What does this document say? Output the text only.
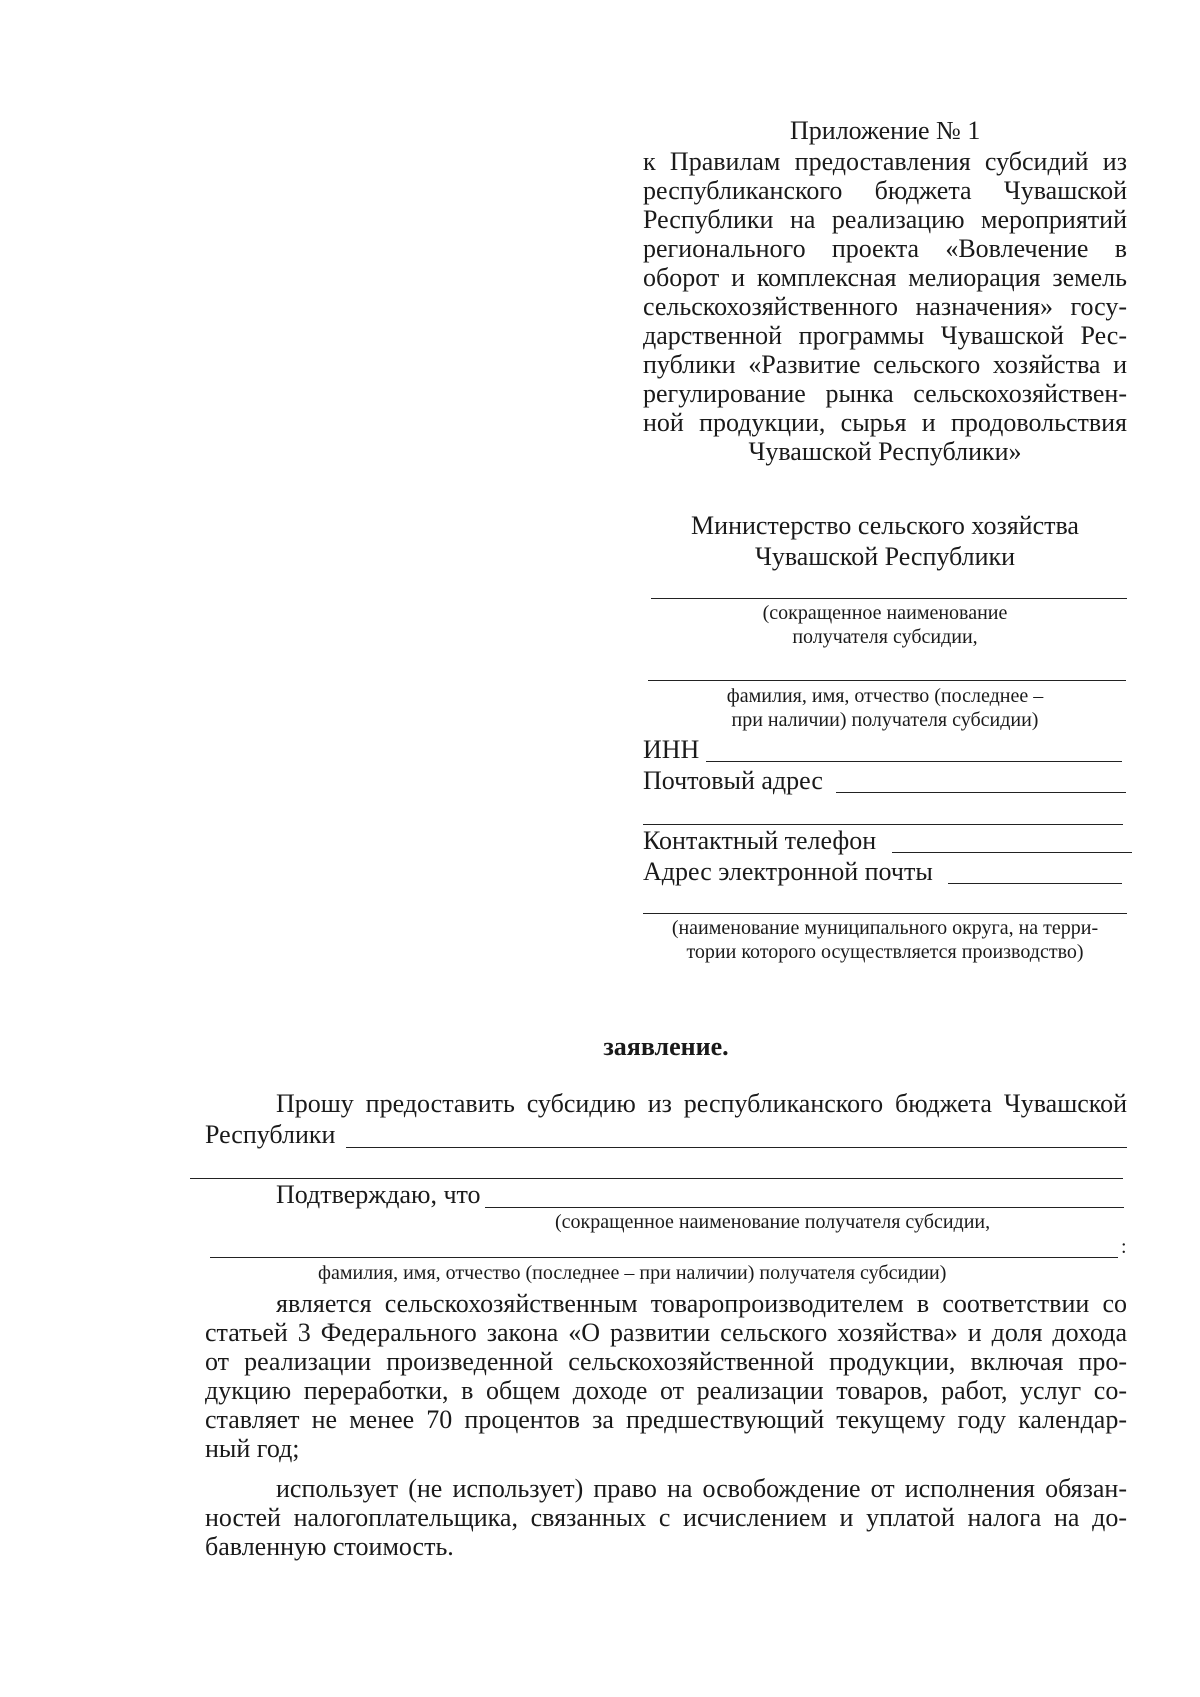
Приложение № 1
к Правилам предоставления субсидий из
республиканского бюджета Чувашской
Республики на реализацию мероприятий
регионального проекта «Вовлечение в
оборот и комплексная мелиорация земель
сельскохозяйственного назначения» госу-
дарственной программы Чувашской Рес-
публики «Развитие сельского хозяйства и
регулирование рынка сельскохозяйствен-
ной продукции, сырья и продовольствия
Чувашской Республики»
Министерство сельского хозяйства
Чувашской Республики
(сокращенное наименование
получателя субсидии,
фамилия, имя, отчество (последнее –
при наличии) получателя субсидии)
ИНН
Почтовый адрес
Контактный телефон
Адрес электронной почты
(наименование муниципального округа, на терри-
тории которого осуществляется производство)
заявление.
Прошу предоставить субсидию из республиканского бюджета Чувашской
Республики
Подтверждаю, что
(сокращенное наименование получателя субсидии,
:
фамилия, имя, отчество (последнее – при наличии) получателя субсидии)
является сельскохозяйственным товаропроизводителем в соответствии со
статьей 3 Федерального закона «О развитии сельского хозяйства» и доля дохода
от реализации произведенной сельскохозяйственной продукции, включая про-
дукцию переработки, в общем доходе от реализации товаров, работ, услуг со-
ставляет не менее 70 процентов за предшествующий текущему году календар-
ный год;
использует (не использует) право на освобождение от исполнения обязан-
ностей налогоплательщика, связанных с исчислением и уплатой налога на до-
бавленную стоимость.
